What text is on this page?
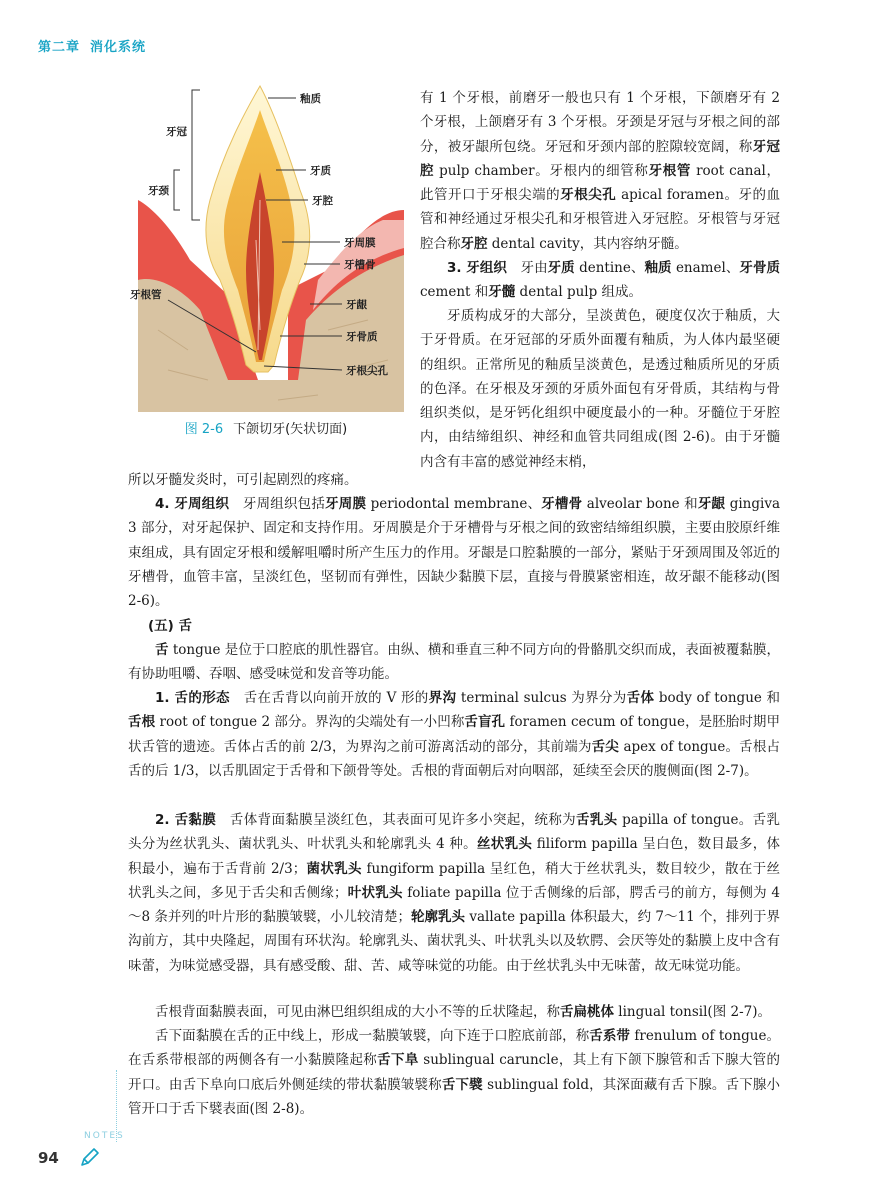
第二章 消化系统
釉质
牙冠
牙质
牙颈
牙腔
牙周膜
牙槽骨
牙根管
牙龈
牙骨质
牙根尖孔
图 2-6 下颌切牙(矢状切面)

有 1 个牙根，前磨牙一般也只有 1 个牙根，下颌磨牙有 2 个牙根，上颌磨牙有 3 个牙根。牙颈是牙冠与牙根之间的部分，被牙龈所包绕。牙冠和牙颈内部的腔隙较宽阔，称牙冠腔 pulp chamber。牙根内的细管称牙根管 root canal，此管开口于牙根尖端的牙根尖孔 apical foramen。牙的血管和神经通过牙根尖孔和牙根管进入牙冠腔。牙根管与牙冠腔合称牙腔 dental cavity，其内容纳牙髓。

3. 牙组织　牙由牙质 dentine、釉质 enamel、牙骨质 cement 和牙髓 dental pulp 组成。

牙质构成牙的大部分，呈淡黄色，硬度仅次于釉质，大于牙骨质。在牙冠部的牙质外面覆有釉质，为人体内最坚硬的组织。正常所见的釉质呈淡黄色，是透过釉质所见的牙质的色泽。在牙根及牙颈的牙质外面包有牙骨质，其结构与骨组织类似，是牙钙化组织中硬度最小的一种。牙髓位于牙腔内，由结缔组织、神经和血管共同组成(图 2-6)。由于牙髓内含有丰富的感觉神经末梢，

所以牙髓发炎时，可引起剧烈的疼痛。

4. 牙周组织　牙周组织包括牙周膜 periodontal membrane、牙槽骨 alveolar bone 和牙龈 gingiva 3 部分，对牙起保护、固定和支持作用。牙周膜是介于牙槽骨与牙根之间的致密结缔组织膜，主要由胶原纤维束组成，具有固定牙根和缓解咀嚼时所产生压力的作用。牙龈是口腔黏膜的一部分，紧贴于牙颈周围及邻近的牙槽骨，血管丰富，呈淡红色，坚韧而有弹性，因缺少黏膜下层，直接与骨膜紧密相连，故牙龈不能移动(图 2-6)。

(五) 舌

舌 tongue 是位于口腔底的肌性器官。由纵、横和垂直三种不同方向的骨骼肌交织而成，表面被覆黏膜，有协助咀嚼、吞咽、感受味觉和发音等功能。

1. 舌的形态　舌在舌背以向前开放的 V 形的界沟 terminal sulcus 为界分为舌体 body of tongue 和舌根 root of tongue 2 部分。界沟的尖端处有一小凹称舌盲孔 foramen cecum of tongue，是胚胎时期甲状舌管的遗迹。舌体占舌的前 2/3，为界沟之前可游离活动的部分，其前端为舌尖 apex of tongue。舌根占舌的后 1/3，以舌肌固定于舌骨和下颌骨等处。舌根的背面朝后对向咽部，延续至会厌的腹侧面(图 2-7)。

2. 舌黏膜　舌体背面黏膜呈淡红色，其表面可见许多小突起，统称为舌乳头 papilla of tongue。舌乳头分为丝状乳头、菌状乳头、叶状乳头和轮廓乳头 4 种。丝状乳头 filiform papilla 呈白色，数目最多，体积最小，遍布于舌背前 2/3；菌状乳头 fungiform papilla 呈红色，稍大于丝状乳头，数目较少，散在于丝状乳头之间，多见于舌尖和舌侧缘；叶状乳头 foliate papilla 位于舌侧缘的后部，腭舌弓的前方，每侧为 4～8 条并列的叶片形的黏膜皱襞，小儿较清楚；轮廓乳头 vallate papilla 体积最大，约 7～11 个，排列于界沟前方，其中央隆起，周围有环状沟。轮廓乳头、菌状乳头、叶状乳头以及软腭、会厌等处的黏膜上皮中含有味蕾，为味觉感受器，具有感受酸、甜、苦、咸等味觉的功能。由于丝状乳头中无味蕾，故无味觉功能。

舌根背面黏膜表面，可见由淋巴组织组成的大小不等的丘状隆起，称舌扁桃体 lingual tonsil(图 2-7)。

舌下面黏膜在舌的正中线上，形成一黏膜皱襞，向下连于口腔底前部，称舌系带 frenulum of tongue。在舌系带根部的两侧各有一小黏膜隆起称舌下阜 sublingual caruncle，其上有下颌下腺管和舌下腺大管的开口。由舌下阜向口底后外侧延续的带状黏膜皱襞称舌下襞 sublingual fold，其深面藏有舌下腺。舌下腺小管开口于舌下襞表面(图 2-8)。

NOTES
94
